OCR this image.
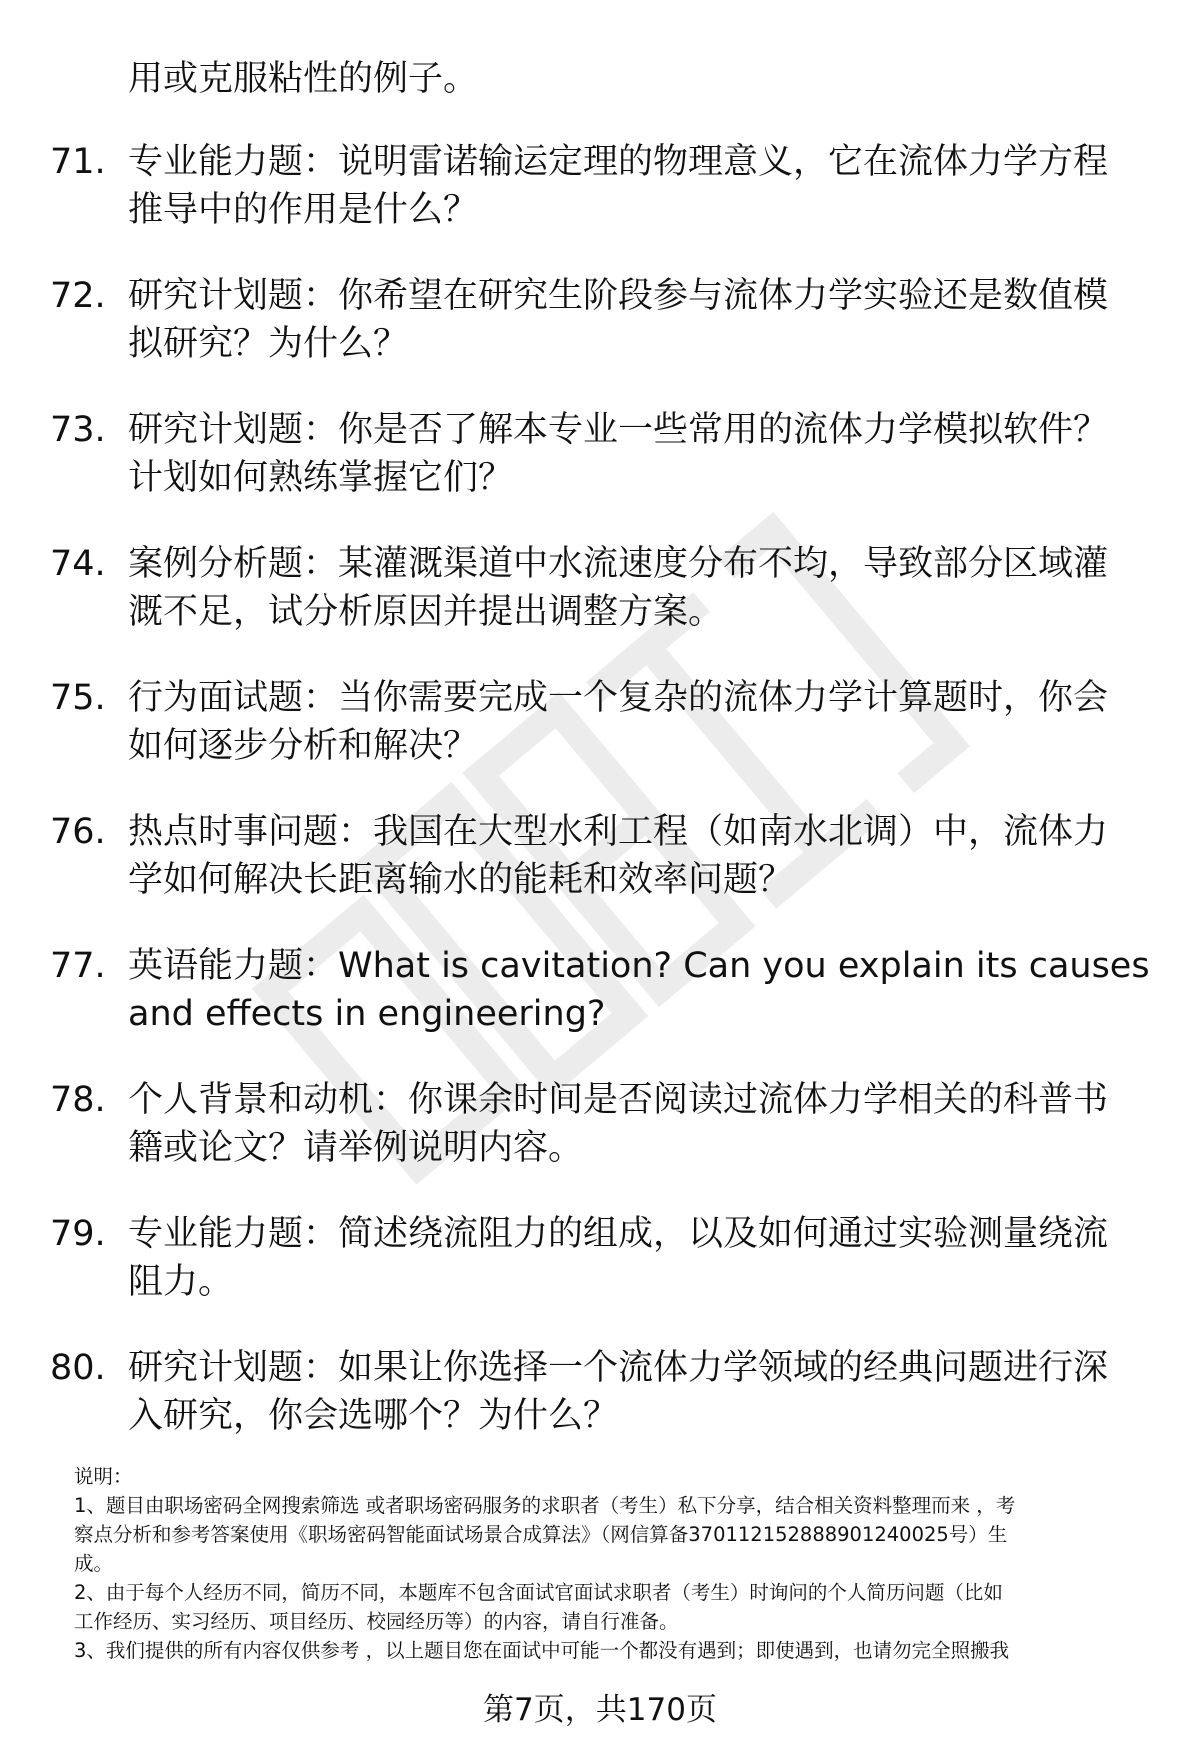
用或克服粘性的例子。
71. 专业能力题：说明雷诺输运定理的物理意义，它在流体力学方程
推导中的作用是什么？
72. 研究计划题：你希望在研究生阶段参与流体力学实验还是数值模
拟研究？为什么？
73. 研究计划题：你是否了解本专业一些常用的流体力学模拟软件？
计划如何熟练掌握它们？
74. 案例分析题：某灌溉渠道中水流速度分布不均，导致部分区域灌
溉不足，试分析原因并提出调整方案。
75. 行为面试题：当你需要完成一个复杂的流体力学计算题时，你会
如何逐步分析和解决？
76. 热点时事问题：我国在大型水利工程（如南水北调）中，流体力
学如何解决长距离输水的能耗和效率问题？
77. 英语能力题：What is cavitation? Can you explain its causes
and effects in engineering?
78. 个人背景和动机：你课余时间是否阅读过流体力学相关的科普书
籍或论文？请举例说明内容。
79. 专业能力题：简述绕流阻力的组成，以及如何通过实验测量绕流
阻力。
80. 研究计划题：如果让你选择一个流体力学领域的经典问题进行深
入研究，你会选哪个？为什么？
说明：
1、题目由职场密码全网搜索筛选 或者职场密码服务的求职者（考生）私下分享，结合相关资料整理而来 ，考
察点分析和参考答案使用《职场密码智能面试场景合成算法》（网信算备370112152888901240025号）生
成。
2、由于每个人经历不同，简历不同，本题库不包含面试官面试求职者（考生）时询问的个人简历问题（比如
工作经历、实习经历、项目经历、校园经历等）的内容，请自行准备。
3、我们提供的所有内容仅供参考 ，以上题目您在面试中可能一个都没有遇到；即使遇到，也请勿完全照搬我
第7页，共170页
